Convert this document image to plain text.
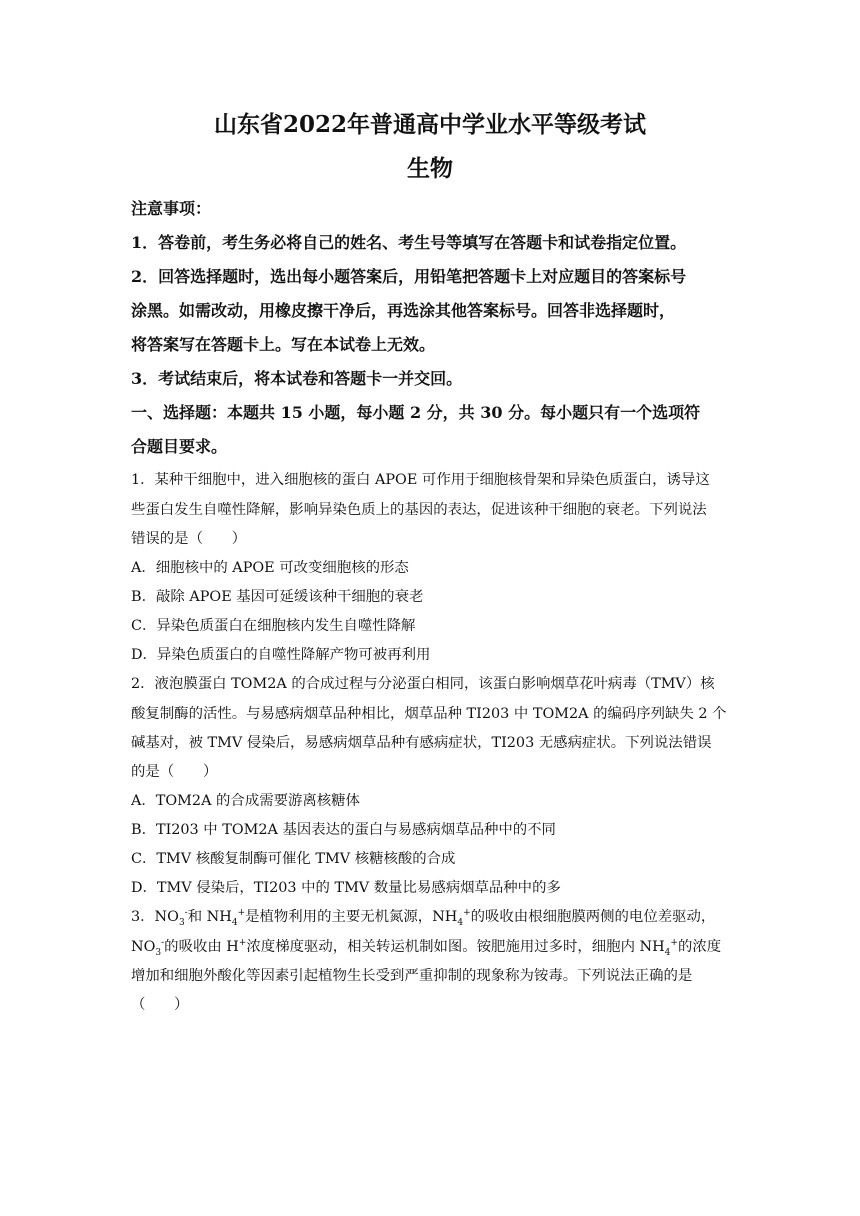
山东省2022年普通高中学业水平等级考试
生物
注意事项：
1．答卷前，考生务必将自己的姓名、考生号等填写在答题卡和试卷指定位置。
2．回答选择题时，选出每小题答案后，用铅笔把答题卡上对应题目的答案标号
涂黑。如需改动，用橡皮擦干净后，再选涂其他答案标号。回答非选择题时，
将答案写在答题卡上。写在本试卷上无效。
3．考试结束后，将本试卷和答题卡一并交回。
一、选择题：本题共 15 小题，每小题 2 分，共 30 分。每小题只有一个选项符
合题目要求。
1．某种干细胞中，进入细胞核的蛋白 APOE 可作用于细胞核骨架和异染色质蛋白，诱导这
些蛋白发生自噬性降解，影响异染色质上的基因的表达，促进该种干细胞的衰老。下列说法
错误的是（　　）
A．细胞核中的 APOE 可改变细胞核的形态
B．敲除 APOE 基因可延缓该种干细胞的衰老
C．异染色质蛋白在细胞核内发生自噬性降解
D．异染色质蛋白的自噬性降解产物可被再利用
2．液泡膜蛋白 TOM2A 的合成过程与分泌蛋白相同，该蛋白影响烟草花叶病毒（TMV）核
酸复制酶的活性。与易感病烟草品种相比，烟草品种 TI203 中 TOM2A 的编码序列缺失 2 个
碱基对，被 TMV 侵染后，易感病烟草品种有感病症状，TI203 无感病症状。下列说法错误
的是（　　）
A．TOM2A 的合成需要游离核糖体
B．TI203 中 TOM2A 基因表达的蛋白与易感病烟草品种中的不同
C．TMV 核酸复制酶可催化 TMV 核糖核酸的合成
D．TMV 侵染后，TI203 中的 TMV 数量比易感病烟草品种中的多
3．$NO_3^-$和 $NH_4^+$是植物利用的主要无机氮源，$NH_4^+$的吸收由根细胞膜两侧的电位差驱动，
$NO_3^-$的吸收由 H+浓度梯度驱动，相关转运机制如图。铵肥施用过多时，细胞内 $NH_4^+$的浓度
增加和细胞外酸化等因素引起植物生长受到严重抑制的现象称为铵毒。下列说法正确的是
（　　）
